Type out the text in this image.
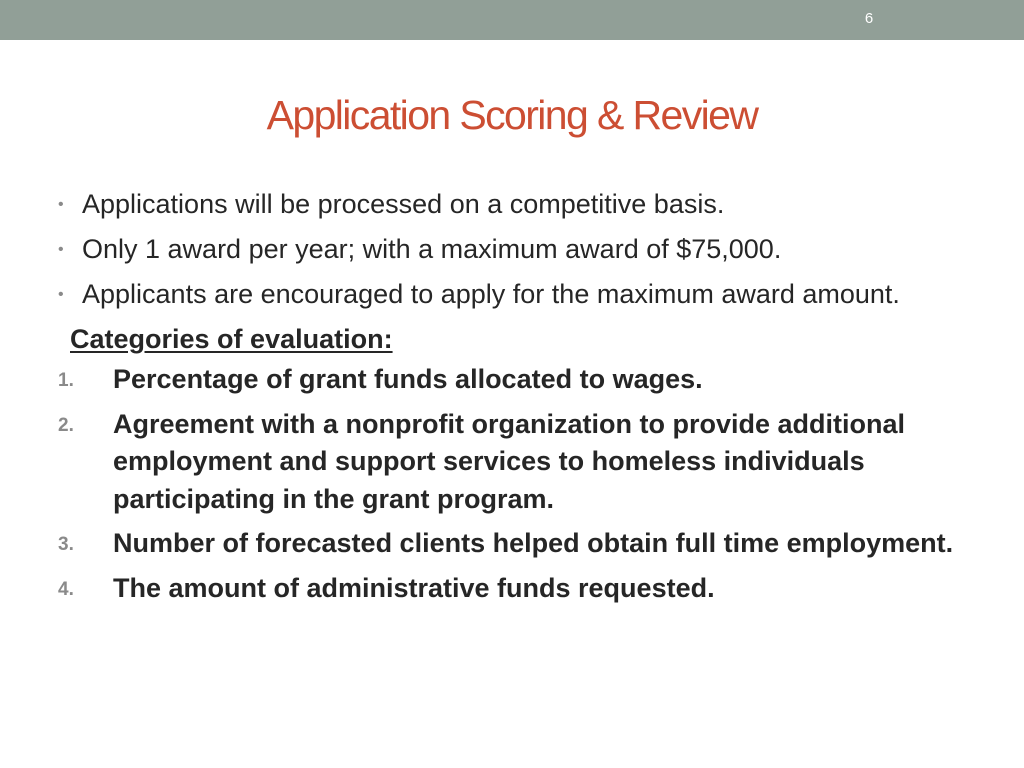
6
Application Scoring & Review
• Applications will be processed on a competitive basis.
• Only 1 award per year; with a maximum award of $75,000.
• Applicants are encouraged to apply for the maximum award amount.
Categories of evaluation:
1. Percentage of grant funds allocated to wages.
2. Agreement with a nonprofit organization to provide additional employment and support services to homeless individuals participating in the grant program.
3. Number of forecasted clients helped obtain full time employment.
4. The amount of administrative funds requested.
